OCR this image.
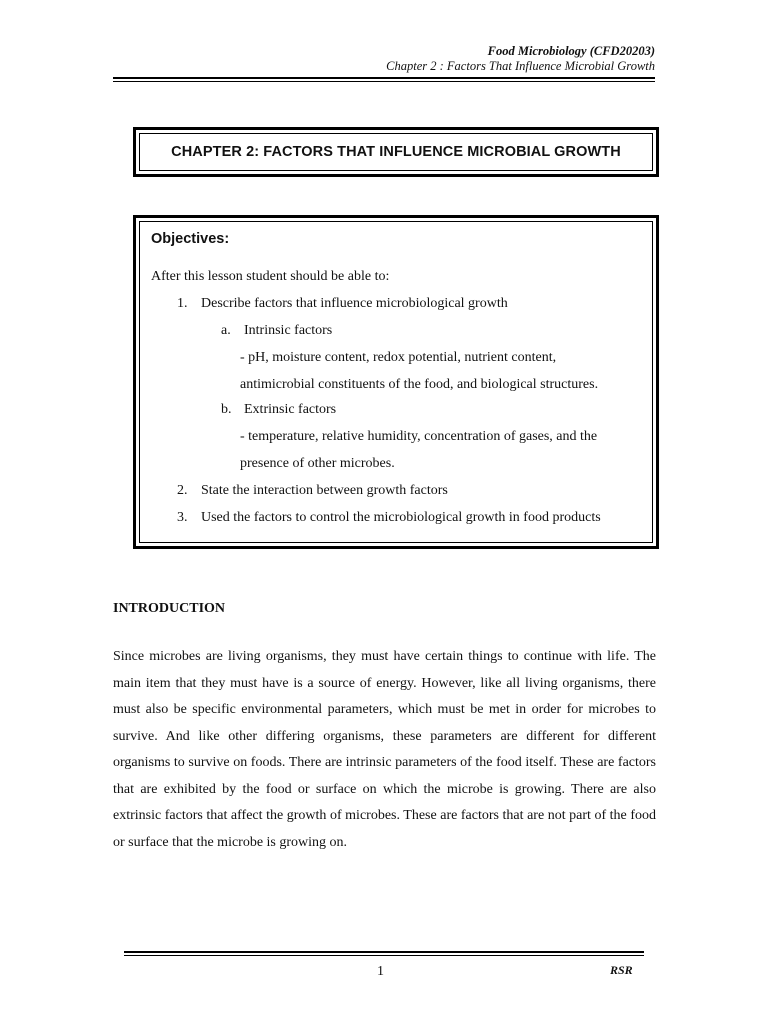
Food Microbiology (CFD20203)
Chapter 2 : Factors That Influence Microbial Growth
CHAPTER 2: FACTORS THAT INFLUENCE MICROBIAL GROWTH
Objectives:
After this lesson student should be able to:
1. Describe factors that influence microbiological growth
a. Intrinsic factors
- pH, moisture content, redox potential, nutrient content,
antimicrobial constituents of the food, and biological structures.
b. Extrinsic factors
- temperature, relative humidity, concentration of gases, and the
presence of other microbes.
2. State the interaction between growth factors
3. Used the factors to control the microbiological growth in food products
INTRODUCTION
Since microbes are living organisms, they must have certain things to continue with life. The main item that they must have is a source of energy. However, like all living organisms, there must also be specific environmental parameters, which must be met in order for microbes to survive. And like other differing organisms, these parameters are different for different organisms to survive on foods. There are intrinsic parameters of the food itself. These are factors that are exhibited by the food or surface on which the microbe is growing. There are also extrinsic factors that affect the growth of microbes. These are factors that are not part of the food or surface that the microbe is growing on.
1	RSR
